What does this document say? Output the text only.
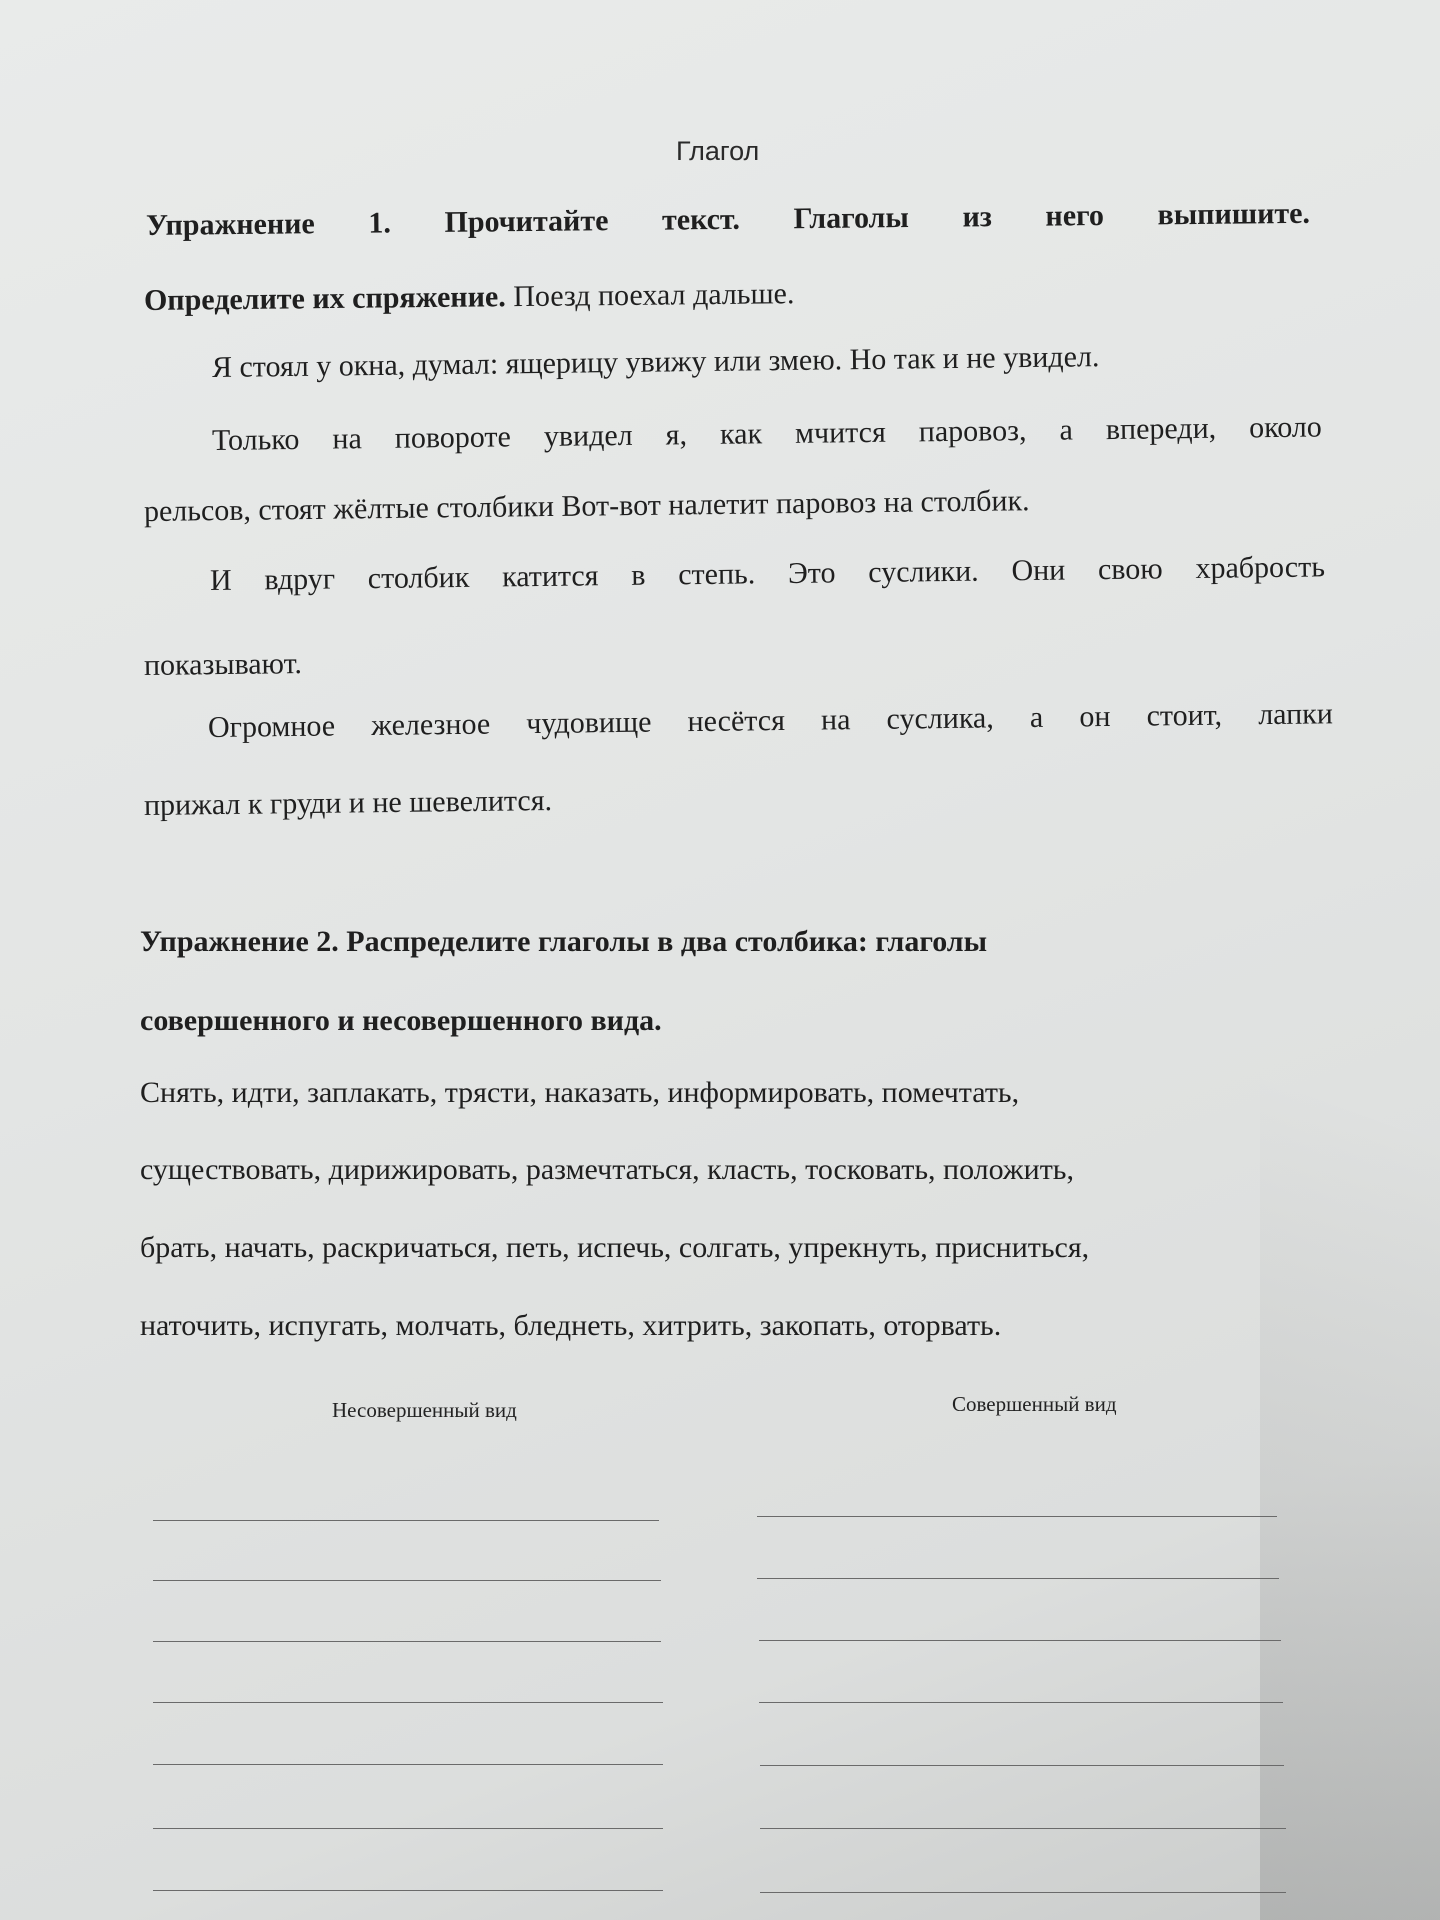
Глагол
Упражнение 1. Прочитайте текст. Глаголы из него выпишите.
Определите их спряжение. Поезд поехал дальше.
Я стоял у окна, думал: ящерицу увижу или змею. Но так и не увидел.
Только на повороте увидел я, как мчится паровоз, а впереди, около
рельсов, стоят жёлтые столбики Вот-вот налетит паровоз на столбик.
И вдруг столбик катится в степь. Это суслики. Они свою храбрость
показывают.
Огромное железное чудовище несётся на суслика, а он стоит, лапки
прижал к груди и не шевелится.
Упражнение 2. Распределите глаголы в два столбика: глаголы
совершенного и несовершенного вида.
Снять, идти, заплакать, трясти, наказать, информировать, помечтать,
существовать, дирижировать, размечтаться, класть, тосковать, положить,
брать, начать, раскричаться, петь, испечь, солгать, упрекнуть, присниться,
наточить, испугать, молчать, бледнеть, хитрить, закопать, оторвать.
Несовершенный вид	Совершенный вид
